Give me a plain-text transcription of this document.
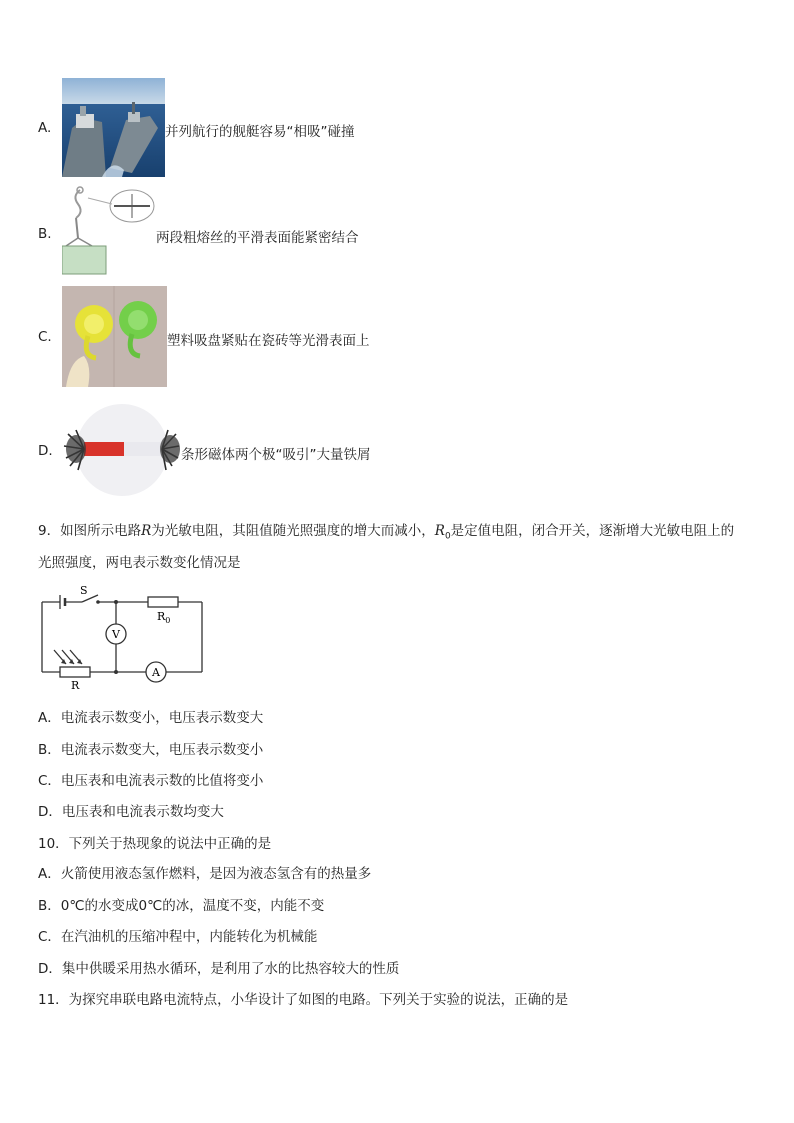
A.	并列航行的舰艇容易“相吸”碰撞
B.	两段粗熔丝的平滑表面能紧密结合
C.	塑料吸盘紧贴在瓷砖等光滑表面上
D.	条形磁体两个极“吸引”大量铁屑
9．如图所示电路R为光敏电阻，其阻值随光照强度的增大而减小，$R_0$是定值电阻，闭合开关，逐渐增大光敏电阻上的
光照强度，两电表示数变化情况是
S
$R_0$
V
A
R
A．电流表示数变小，电压表示数变大
B．电流表示数变大，电压表示数变小
C．电压表和电流表示数的比值将变小
D．电压表和电流表示数均变大
10．下列关于热现象的说法中正确的是
A．火箭使用液态氢作燃料，是因为液态氢含有的热量多
B．0℃的水变成0℃的冰，温度不变，内能不变
C．在汽油机的压缩冲程中，内能转化为机械能
D．集中供暖采用热水循环，是利用了水的比热容较大的性质
11．为探究串联电路电流特点，小华设计了如图的电路。下列关于实验的说法，正确的是
